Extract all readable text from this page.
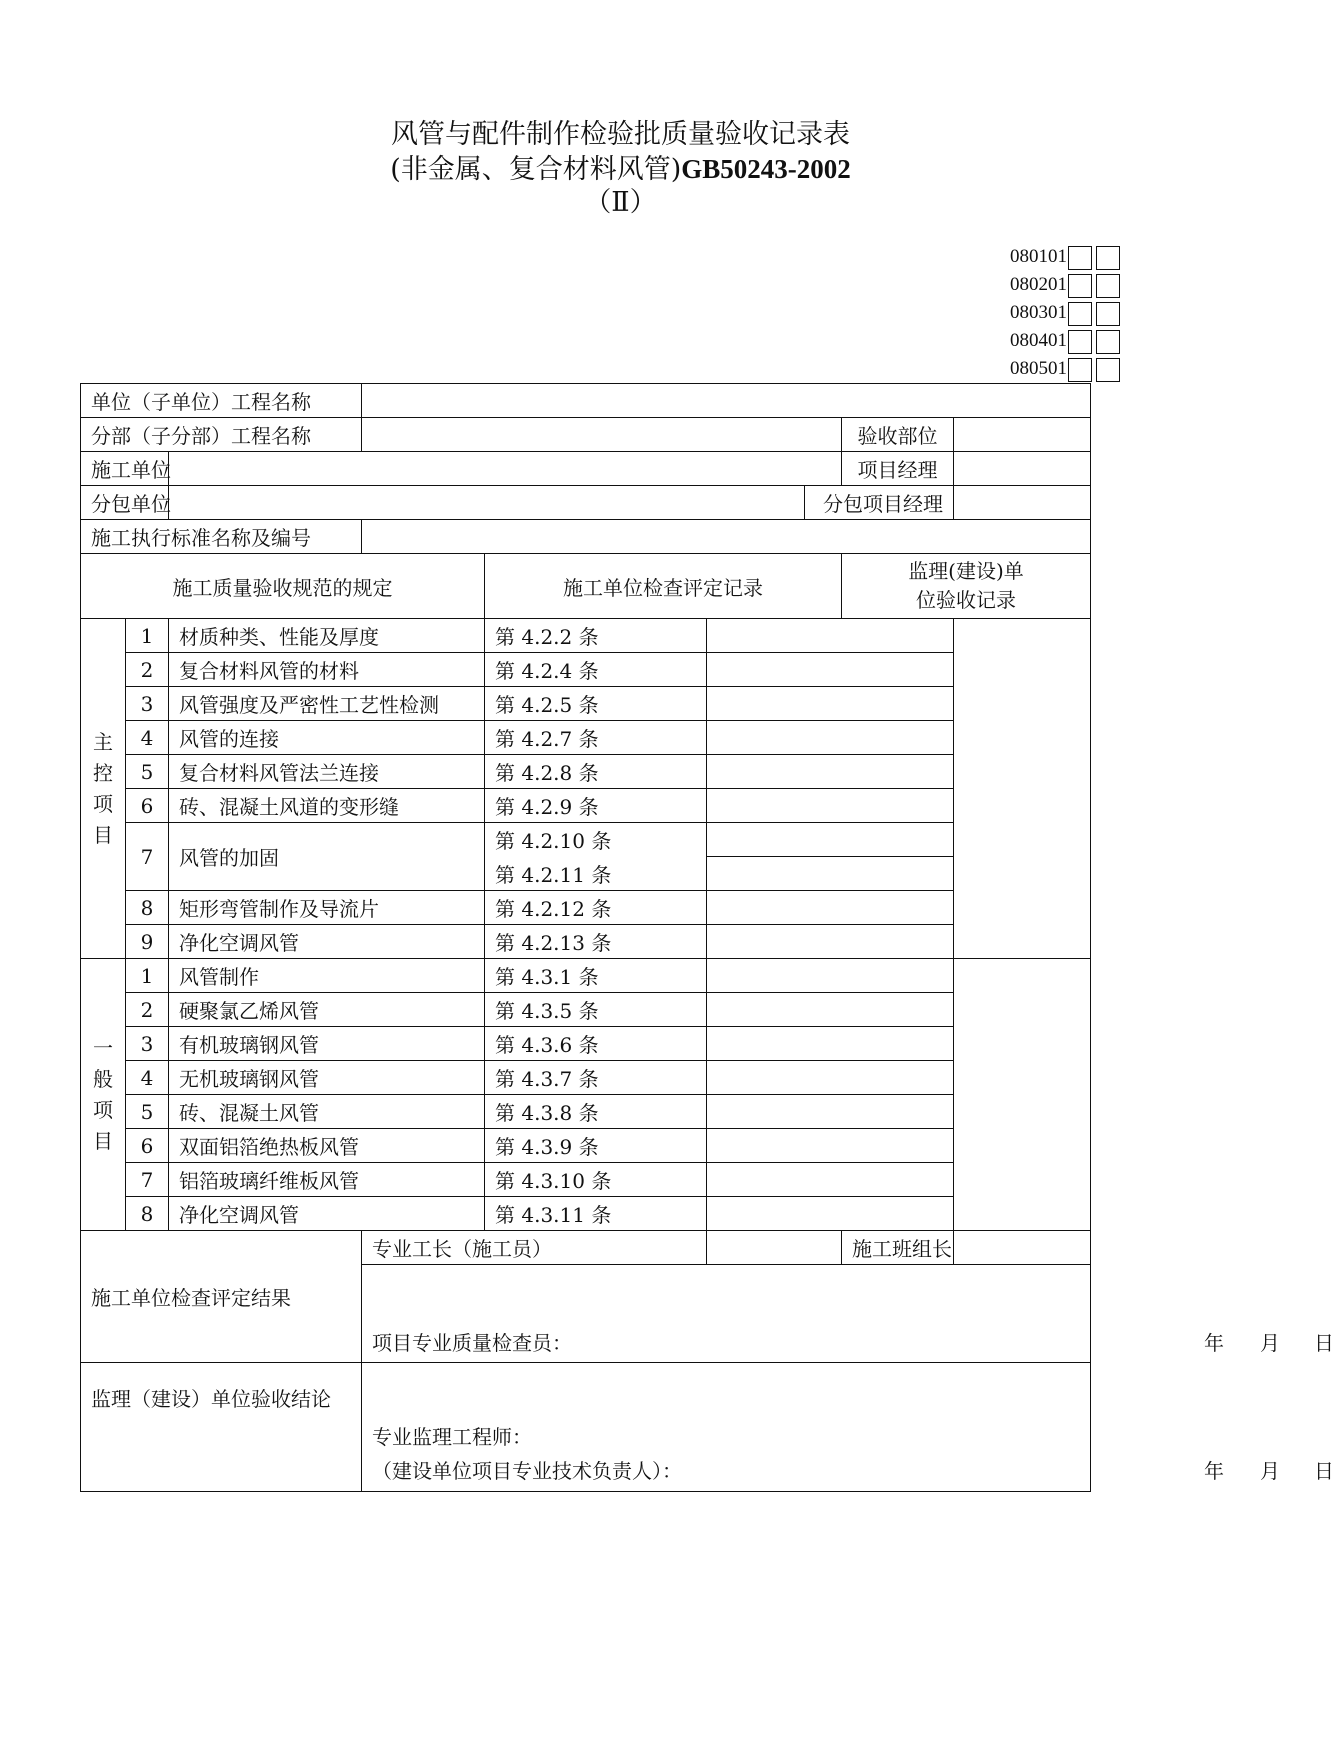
风管与配件制作检验批质量验收记录表
(非金属、复合材料风管)GB50243-2002
（Ⅱ）
080101
080201
080301
080401
080501
单位（子单位）工程名称								
分部（子分部）工程名称							验收部位	
施工单位							项目经理	
分包单位						分包项目经理		
施工执行标准名称及编号								
施工质量验收规范的规定				施工单位检查评定记录			监理(建设)单
位验收记录	

主
控
项
目	1	材质种类、性能及厚度		第 4.2.2 条				
	2	复合材料风管的材料		第 4.2.4 条				
	3	风管强度及严密性工艺性检测		第 4.2.5 条				
	4	风管的连接		第 4.2.7 条				
	5	复合材料风管法兰连接		第 4.2.8 条				
	6	砖、混凝土风道的变形缝		第 4.2.9 条				
	7	风管的加固		第 4.2.10 条				
				第 4.2.11 条				
	8	矩形弯管制作及导流片		第 4.2.12 条				
	9	净化空调风管		第 4.2.13 条				

一
般
项
目	1	风管制作		第 4.3.1 条				
	2	硬聚氯乙烯风管		第 4.3.5 条				
	3	有机玻璃钢风管		第 4.3.6 条				
	4	无机玻璃钢风管		第 4.3.7 条				
	5	砖、混凝土风管		第 4.3.8 条				
	6	双面铝箔绝热板风管		第 4.3.9 条				
	7	铝箔玻璃纤维板风管		第 4.3.10 条				
	8	净化空调风管		第 4.3.11 条				
施工单位检查评定结果			专业工长（施工员）				施工班组长	

			项目专业质量检查员： 年 月 日					

监理（建设）单位验收结论			专业监理工程师：
（建设单位项目专业技术负责人）： 年 月 日					
